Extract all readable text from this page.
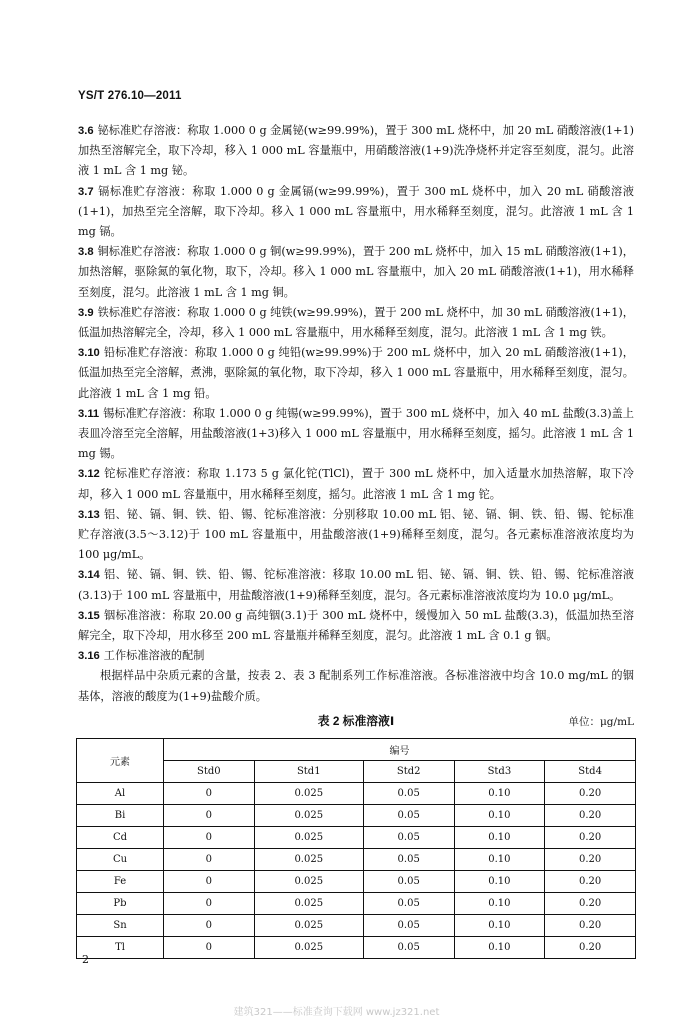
YS/T 276.10—2011

3.6 铋标准贮存溶液：称取 1.000 0 g 金属铋(w≥99.99%)，置于 300 mL 烧杯中，加 20 mL 硝酸溶液(1+1)加热至溶解完全，取下冷却，移入 1 000 mL 容量瓶中，用硝酸溶液(1+9)洗净烧杯并定容至刻度，混匀。此溶液 1 mL 含 1 mg 铋。

3.7 镉标准贮存溶液：称取 1.000 0 g 金属镉(w≥99.99%)，置于 300 mL 烧杯中，加入 20 mL 硝酸溶液(1+1)，加热至完全溶解，取下冷却。移入 1 000 mL 容量瓶中，用水稀释至刻度，混匀。此溶液 1 mL 含 1 mg 镉。

3.8 铜标准贮存溶液：称取 1.000 0 g 铜(w≥99.99%)，置于 200 mL 烧杯中，加入 15 mL 硝酸溶液(1+1)，加热溶解，驱除氮的氧化物，取下，冷却。移入 1 000 mL 容量瓶中，加入 20 mL 硝酸溶液(1+1)，用水稀释至刻度，混匀。此溶液 1 mL 含 1 mg 铜。

3.9 铁标准贮存溶液：称取 1.000 0 g 纯铁(w≥99.99%)，置于 200 mL 烧杯中，加 30 mL 硝酸溶液(1+1)，低温加热溶解完全，冷却，移入 1 000 mL 容量瓶中，用水稀释至刻度，混匀。此溶液 1 mL 含 1 mg 铁。

3.10 铅标准贮存溶液：称取 1.000 0 g 纯铅(w≥99.99%)于 200 mL 烧杯中，加入 20 mL 硝酸溶液(1+1)，低温加热至完全溶解，煮沸，驱除氮的氧化物，取下冷却，移入 1 000 mL 容量瓶中，用水稀释至刻度，混匀。此溶液 1 mL 含 1 mg 铅。

3.11 锡标准贮存溶液：称取 1.000 0 g 纯锡(w≥99.99%)，置于 300 mL 烧杯中，加入 40 mL 盐酸(3.3)盖上表皿冷溶至完全溶解，用盐酸溶液(1+3)移入 1 000 mL 容量瓶中，用水稀释至刻度，摇匀。此溶液 1 mL 含 1 mg 锡。

3.12 铊标准贮存溶液：称取 1.173 5 g 氯化铊(TlCl)，置于 300 mL 烧杯中，加入适量水加热溶解，取下冷却，移入 1 000 mL 容量瓶中，用水稀释至刻度，摇匀。此溶液 1 mL 含 1 mg 铊。

3.13 铝、铋、镉、铜、铁、铅、锡、铊标准溶液：分别移取 10.00 mL 铝、铋、镉、铜、铁、铅、锡、铊标准贮存溶液(3.5～3.12)于 100 mL 容量瓶中，用盐酸溶液(1+9)稀释至刻度，混匀。各元素标准溶液浓度均为 100 μg/mL。

3.14 铝、铋、镉、铜、铁、铅、锡、铊标准溶液：移取 10.00 mL 铝、铋、镉、铜、铁、铅、锡、铊标准溶液(3.13)于 100 mL 容量瓶中，用盐酸溶液(1+9)稀释至刻度，混匀。各元素标准溶液浓度均为 10.0 μg/mL。

3.15 铟标准溶液：称取 20.00 g 高纯铟(3.1)于 300 mL 烧杯中，缓慢加入 50 mL 盐酸(3.3)，低温加热至溶解完全，取下冷却，用水移至 200 mL 容量瓶并稀释至刻度，混匀。此溶液 1 mL 含 0.1 g 铟。

3.16 工作标准溶液的配制

根据样品中杂质元素的含量，按表 2、表 3 配制系列工作标准溶液。各标准溶液中均含 10.0 mg/mL 的铟基体，溶液的酸度为(1+9)盐酸介质。

表 2 标准溶液Ⅰ	单位：μg/mL
元素	编号				
	Std0	Std1	Std2	Std3	Std4
Al	0	0.025	0.05	0.10	0.20
Bi	0	0.025	0.05	0.10	0.20
Cd	0	0.025	0.05	0.10	0.20
Cu	0	0.025	0.05	0.10	0.20
Fe	0	0.025	0.05	0.10	0.20
Pb	0	0.025	0.05	0.10	0.20
Sn	0	0.025	0.05	0.10	0.20
Tl	0	0.025	0.05	0.10	0.20
2
建筑321——标准查询下载网 www.jz321.net
